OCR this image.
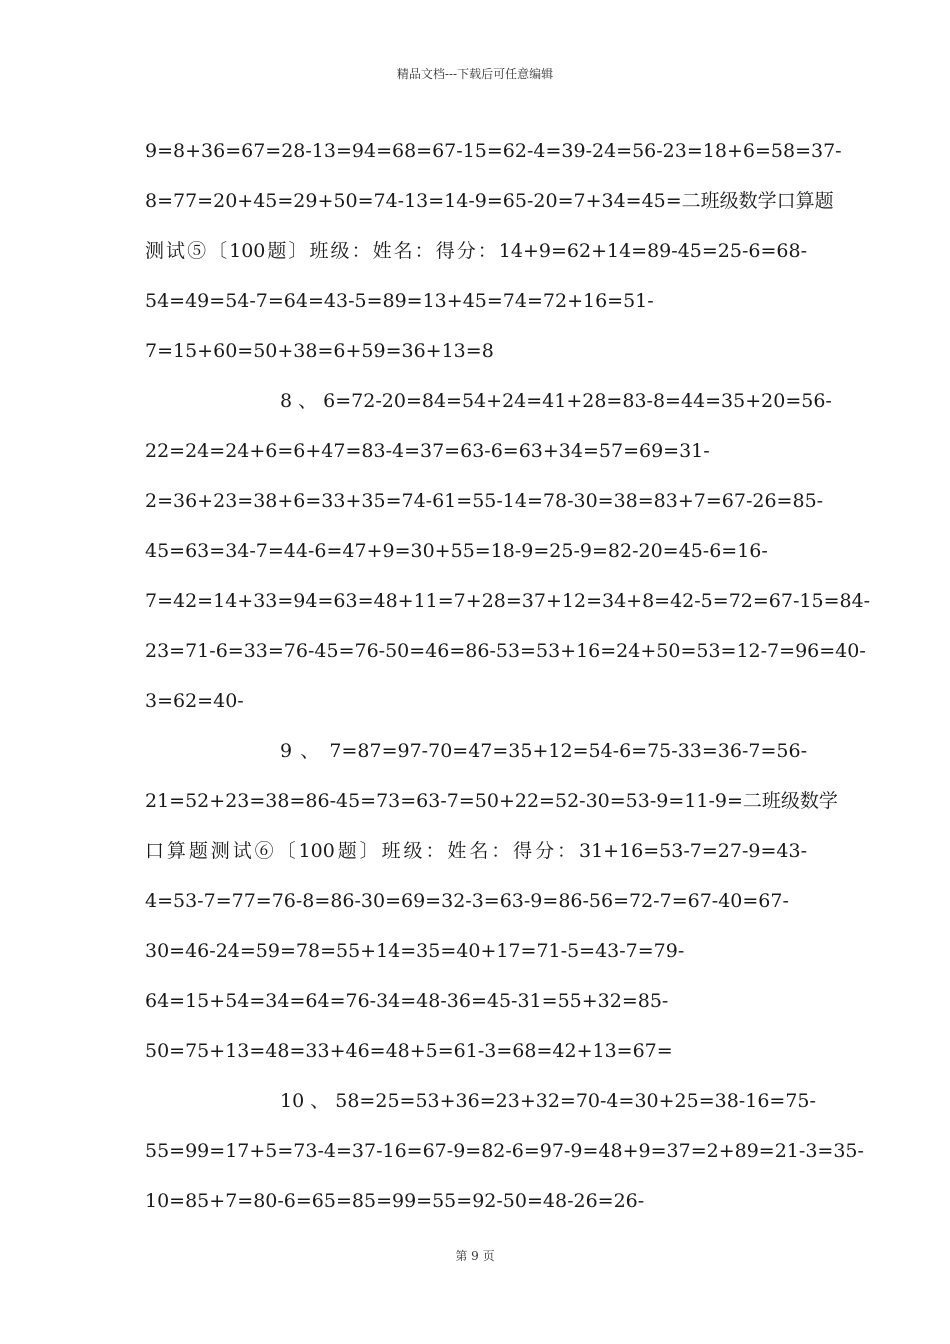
精品文档---下载后可任意编辑
9=8+36=67=28-13=94=68=67-15=62-4=39-24=56-23=18+6=58=37-
8=77=20+45=29+50=74-13=14-9=65-20=7+34=45=二班级数学口算题
测试⑤〔100题〕班级：姓名：得分：14+9=62+14=89-45=25-6=68-
54=49=54-7=64=43-5=89=13+45=74=72+16=51-
7=15+60=50+38=6+59=36+13=8
8 、 6=72-20=84=54+24=41+28=83-8=44=35+20=56-
22=24=24+6=6+47=83-4=37=63-6=63+34=57=69=31-
2=36+23=38+6=33+35=74-61=55-14=78-30=38=83+7=67-26=85-
45=63=34-7=44-6=47+9=30+55=18-9=25-9=82-20=45-6=16-
7=42=14+33=94=63=48+11=7+28=37+12=34+8=42-5=72=67-15=84-
23=71-6=33=76-45=76-50=46=86-53=53+16=24+50=53=12-7=96=40-
3=62=40-
9 、 7=87=97-70=47=35+12=54-6=75-33=36-7=56-
21=52+23=38=86-45=73=63-7=50+22=52-30=53-9=11-9=二班级数学
口算题测试⑥〔100题〕班级：姓名：得分：31+16=53-7=27-9=43-
4=53-7=77=76-8=86-30=69=32-3=63-9=86-56=72-7=67-40=67-
30=46-24=59=78=55+14=35=40+17=71-5=43-7=79-
64=15+54=34=64=76-34=48-36=45-31=55+32=85-
50=75+13=48=33+46=48+5=61-3=68=42+13=67=
10 、 58=25=53+36=23+32=70-4=30+25=38-16=75-
55=99=17+5=73-4=37-16=67-9=82-6=97-9=48+9=37=2+89=21-3=35-
10=85+7=80-6=65=85=99=55=92-50=48-26=26-
第 9 页
